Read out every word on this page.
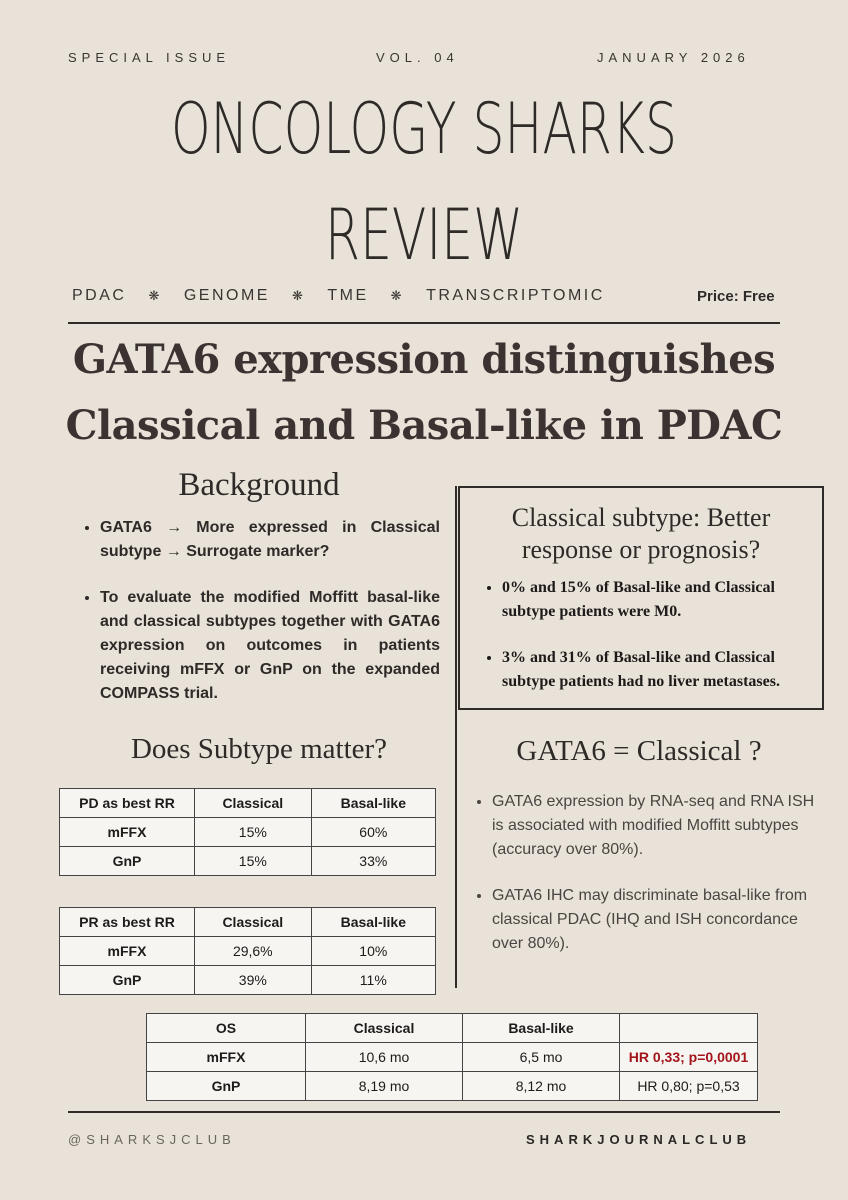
SPECIAL ISSUE	VOL. 04	JANUARY 2026
ONCOLOGY SHARKS
REVIEW
PDAC ❋ GENOME ❋ TME ❋ TRANSCRIPTOMIC	Price: Free
GATA6 expression distinguishes
Classical and Basal-like in PDAC
Background
• GATA6 → More expressed in Classical subtype → Surrogate marker?
• To evaluate the modified Moffitt basal-like and classical subtypes together with GATA6 expression on outcomes in patients receiving mFFX or GnP on the expanded COMPASS trial.
Classical subtype: Better response or prognosis?
• 0% and 15% of Basal-like and Classical subtype patients were M0.
• 3% and 31% of Basal-like and Classical subtype patients had no liver metastases.
Does Subtype matter?
PD as best RR	Classical	Basal-like
mFFX	15%	60%
GnP	15%	33%
PR as best RR	Classical	Basal-like
mFFX	29,6%	10%
GnP	39%	11%
GATA6 = Classical ?
• GATA6 expression by RNA-seq and RNA ISH is associated with modified Moffitt subtypes (accuracy over 80%).
• GATA6 IHC may discriminate basal-like from classical PDAC (IHQ and ISH concordance over 80%).
OS	Classical	Basal-like	
mFFX	10,6 mo	6,5 mo	HR 0,33; p=0,0001
GnP	8,19 mo	8,12 mo	HR 0,80; p=0,53
@SHARKSJCLUB	SHARKJOURNALCLUB
